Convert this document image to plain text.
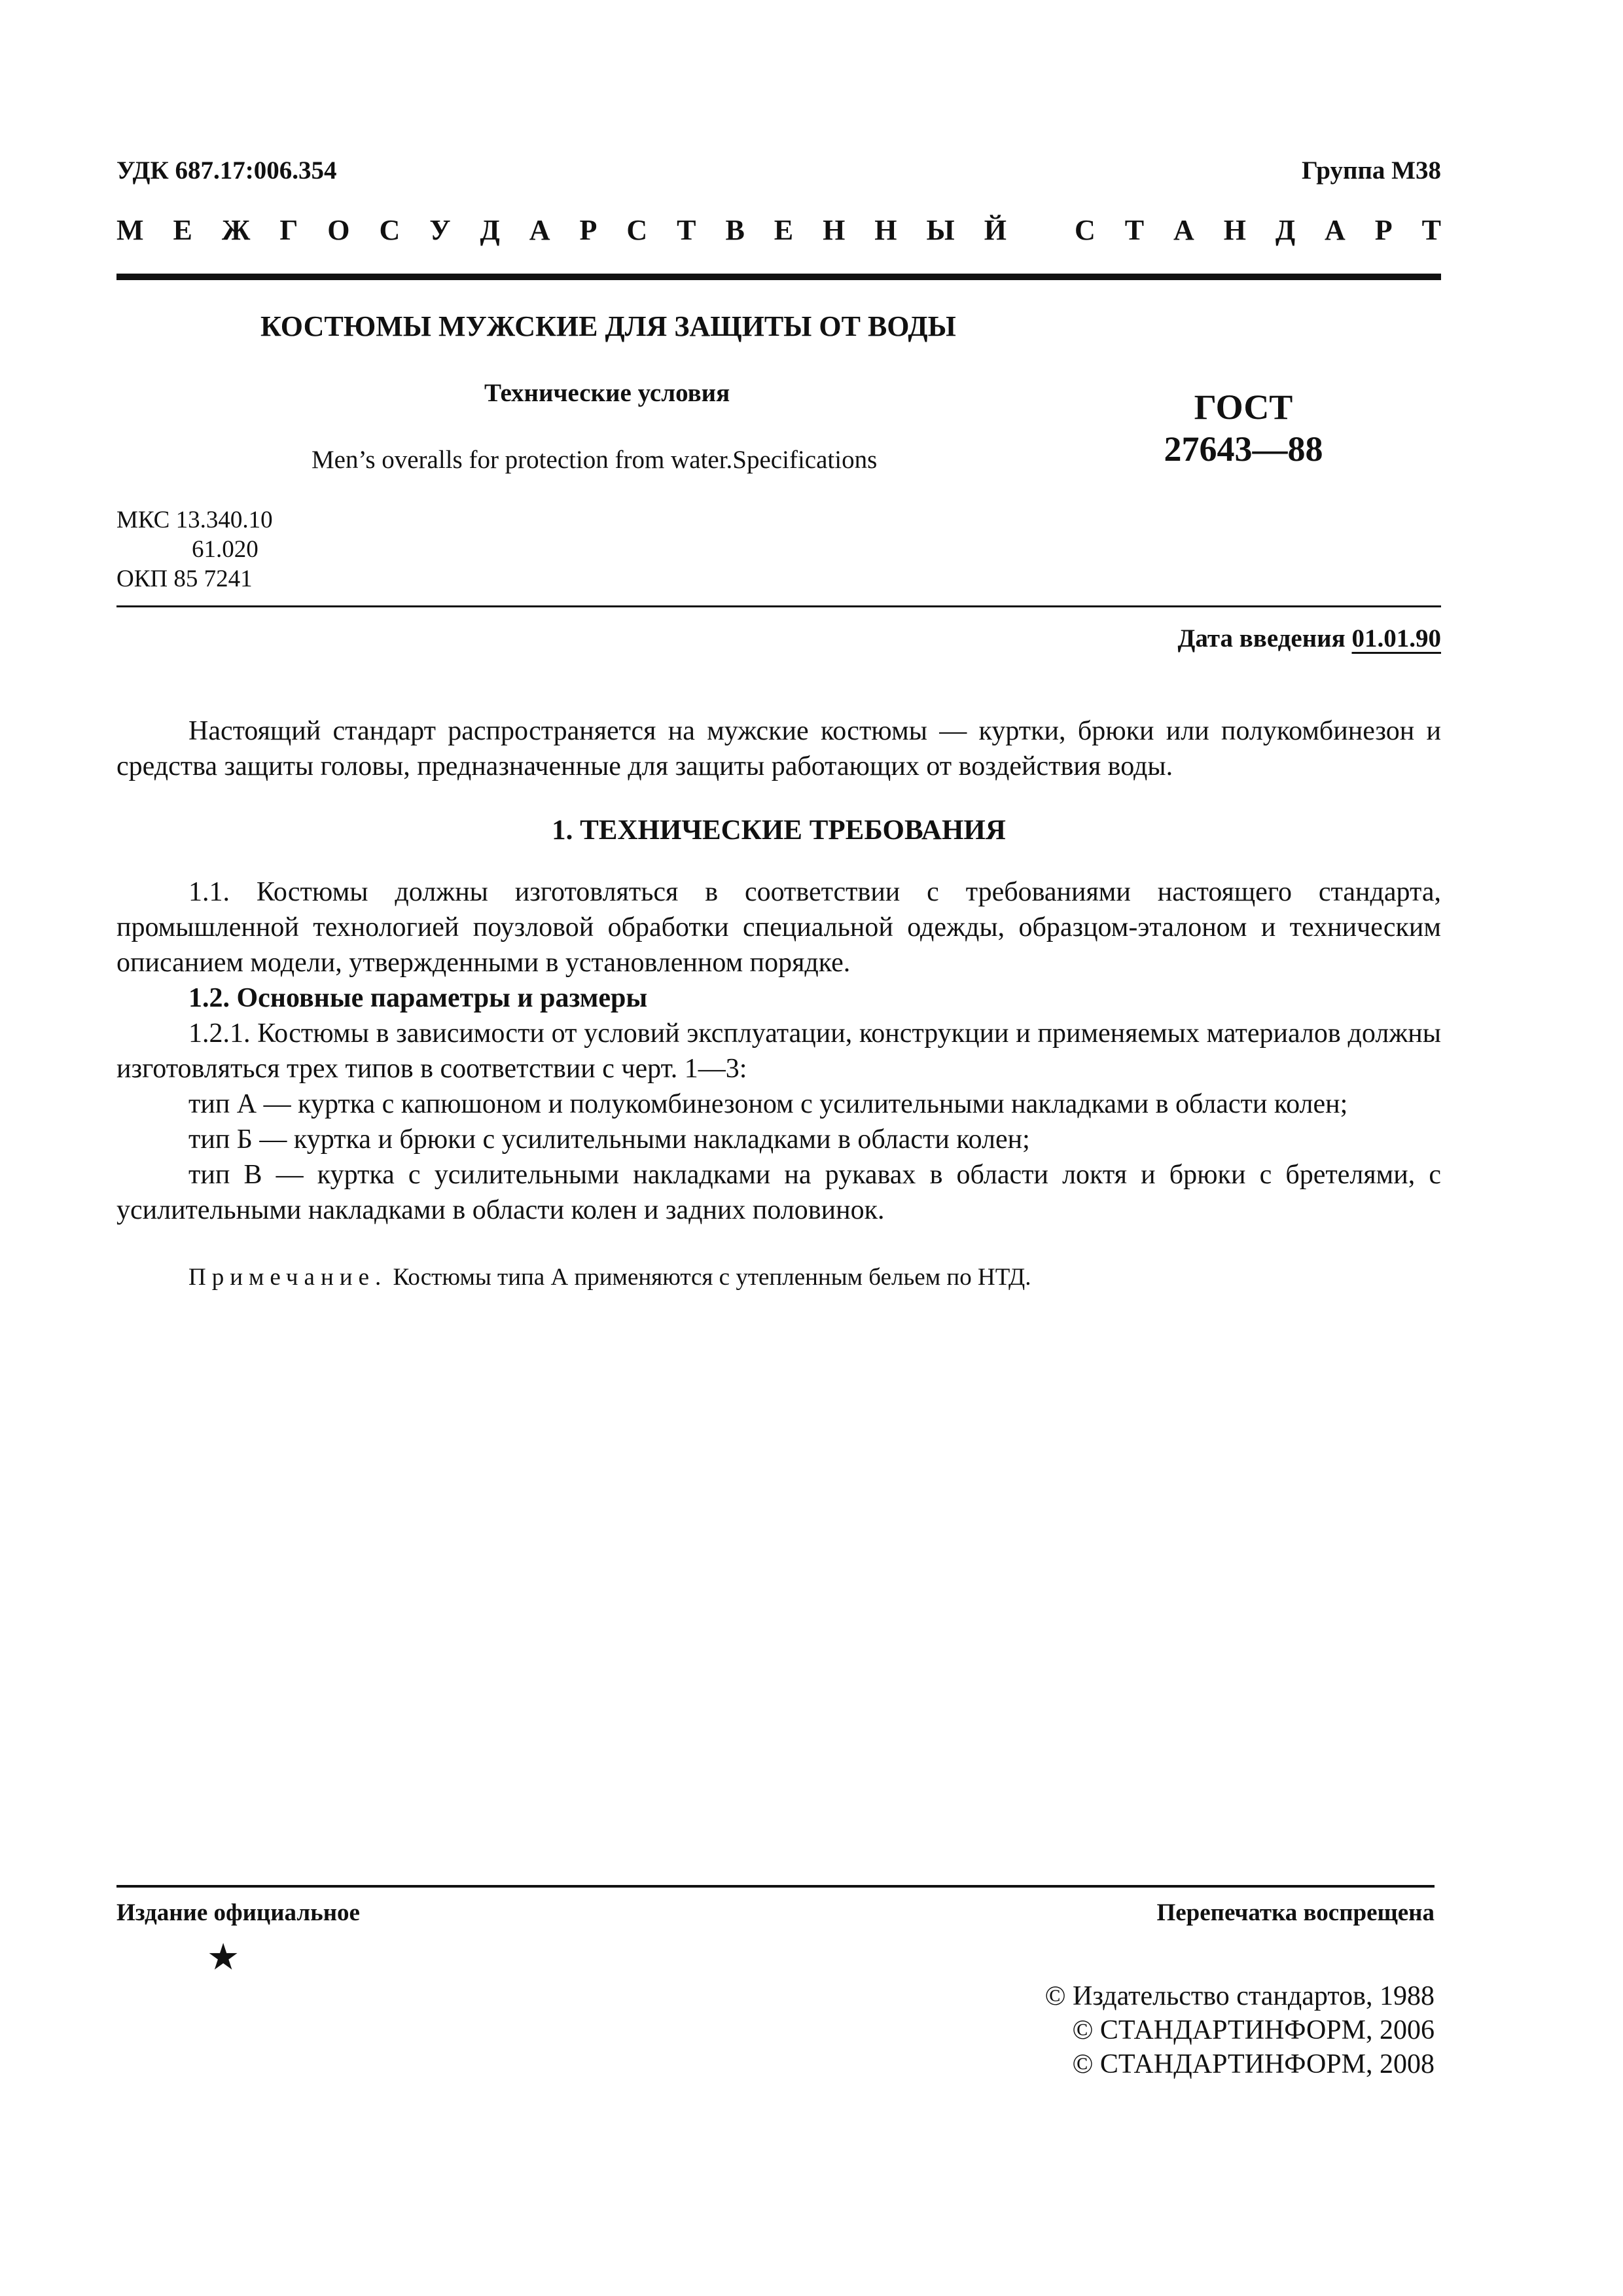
УДК 687.17:006.354	Группа М38
М Е Ж Г О С У Д А Р С Т В Е Н Н Ы Й С Т А Н Д А Р Т
КОСТЮМЫ МУЖСКИЕ ДЛЯ ЗАЩИТЫ ОТ ВОДЫ
Технические условия	ГОСТ
27643—88
Men’s overalls for protection from water.Specifications
МКС 13.340.10
61.020
ОКП 85 7241
Дата введения 01.01.90
Настоящий стандарт распространяется на мужские костюмы — куртки, брюки или полукомбинезон и средства защиты головы, предназначенные для защиты работающих от воздействия воды.
1. ТЕХНИЧЕСКИЕ ТРЕБОВАНИЯ
1.1. Костюмы должны изготовляться в соответствии с требованиями настоящего стандарта, промышленной технологией поузловой обработки специальной одежды, образцом-эталоном и техническим описанием модели, утвержденными в установленном порядке.
1.2. Основные параметры и размеры
1.2.1. Костюмы в зависимости от условий эксплуатации, конструкции и применяемых материалов должны изготовляться трех типов в соответствии с черт. 1—3:
тип А — куртка с капюшоном и полукомбинезоном с усилительными накладками в области колен;
тип Б — куртка и брюки с усилительными накладками в области колен;
тип В — куртка с усилительными накладками на рукавах в области локтя и брюки с бретелями, с усилительными накладками в области колен и задних половинок.
Примечание. Костюмы типа А применяются с утепленным бельем по НТД.
Издание официальное	Перепечатка воспрещена
★
© Издательство стандартов, 1988
© СТАНДАРТИНФОРМ, 2006
© СТАНДАРТИНФОРМ, 2008
